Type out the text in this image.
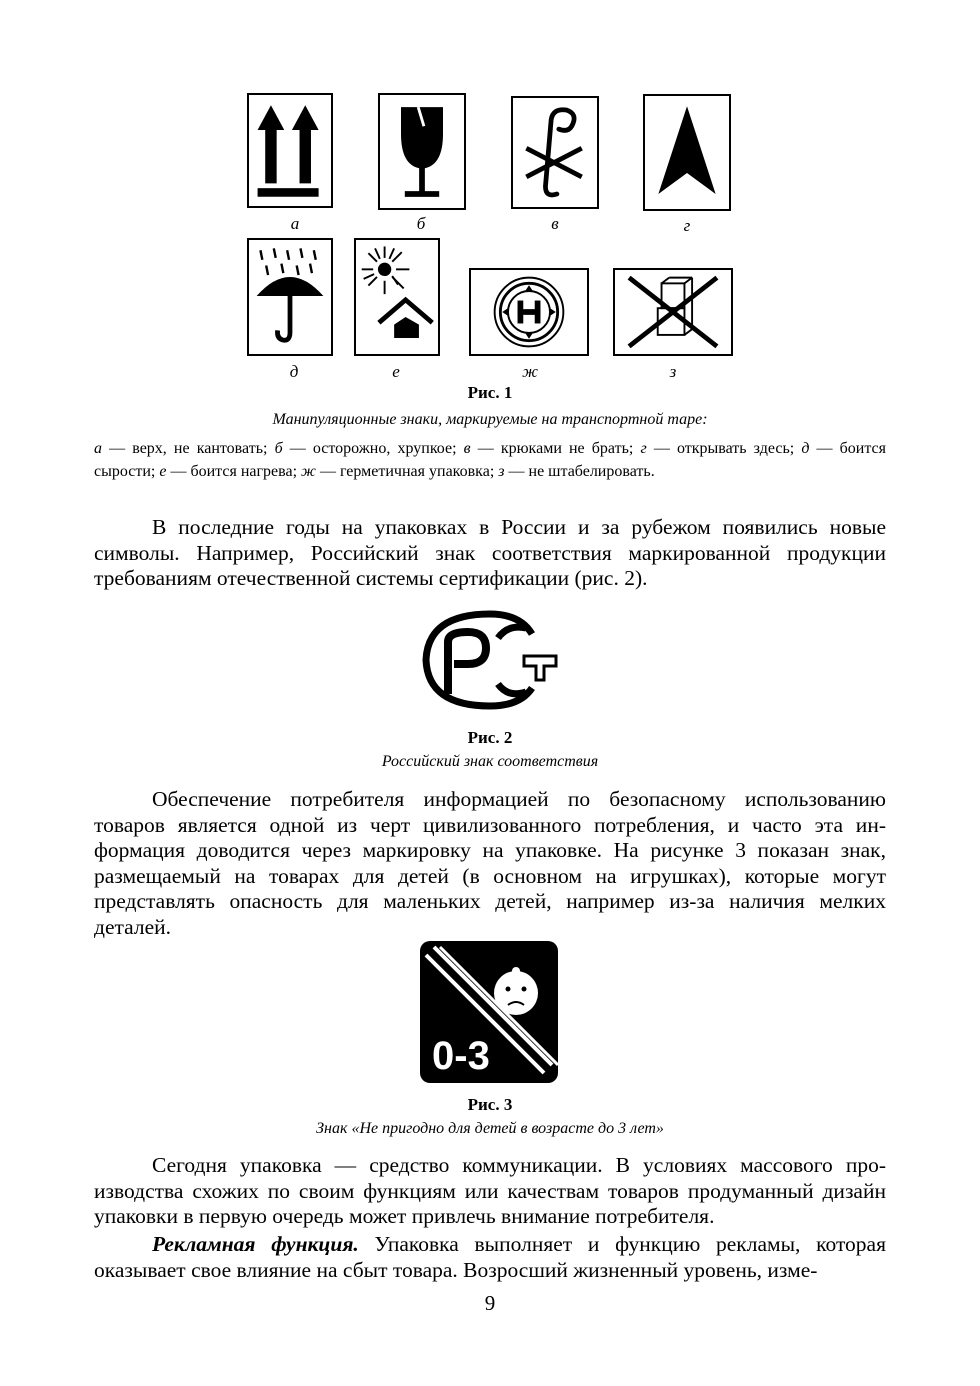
а	б	в	г
д	е	ж	з
Рис. 1
Манипуляционные знаки, маркируемые на транспортной таре:
а — верх, не кантовать; б — осторожно, хрупкое; в — крюками не брать; г — открывать здесь; д — боится сырости; е — боится нагрева; ж — герметичная упаковка; з — не штабелировать.

В последние годы на упаковках в России и за рубежом появились новые символы. Например, Российский знак соответствия маркированной продукции требованиям отечественной системы сертификации (рис. 2).

Рис. 2
Российский знак соответствия

Обеспечение потребителя информацией по безопасному использованию товаров является одной из черт цивилизованного потребления, и часто эта информация доводится через маркировку на упаковке. На рисунке 3 показан знак, размещаемый на товарах для детей (в основном на игрушках), которые могут представлять опасность для маленьких детей, например из-за наличия мелких деталей.

0-3
Рис. 3
Знак «Не пригодно для детей в возрасте до 3 лет»

Сегодня упаковка — средство коммуникации. В условиях массового производства схожих по своим функциям или качествам товаров продуманный дизайн упаковки в первую очередь может привлечь внимание потребителя.

Рекламная функция. Упаковка выполняет и функцию рекламы, которая оказывает свое влияние на сбыт товара. Возросший жизненный уровень, изме-

9
